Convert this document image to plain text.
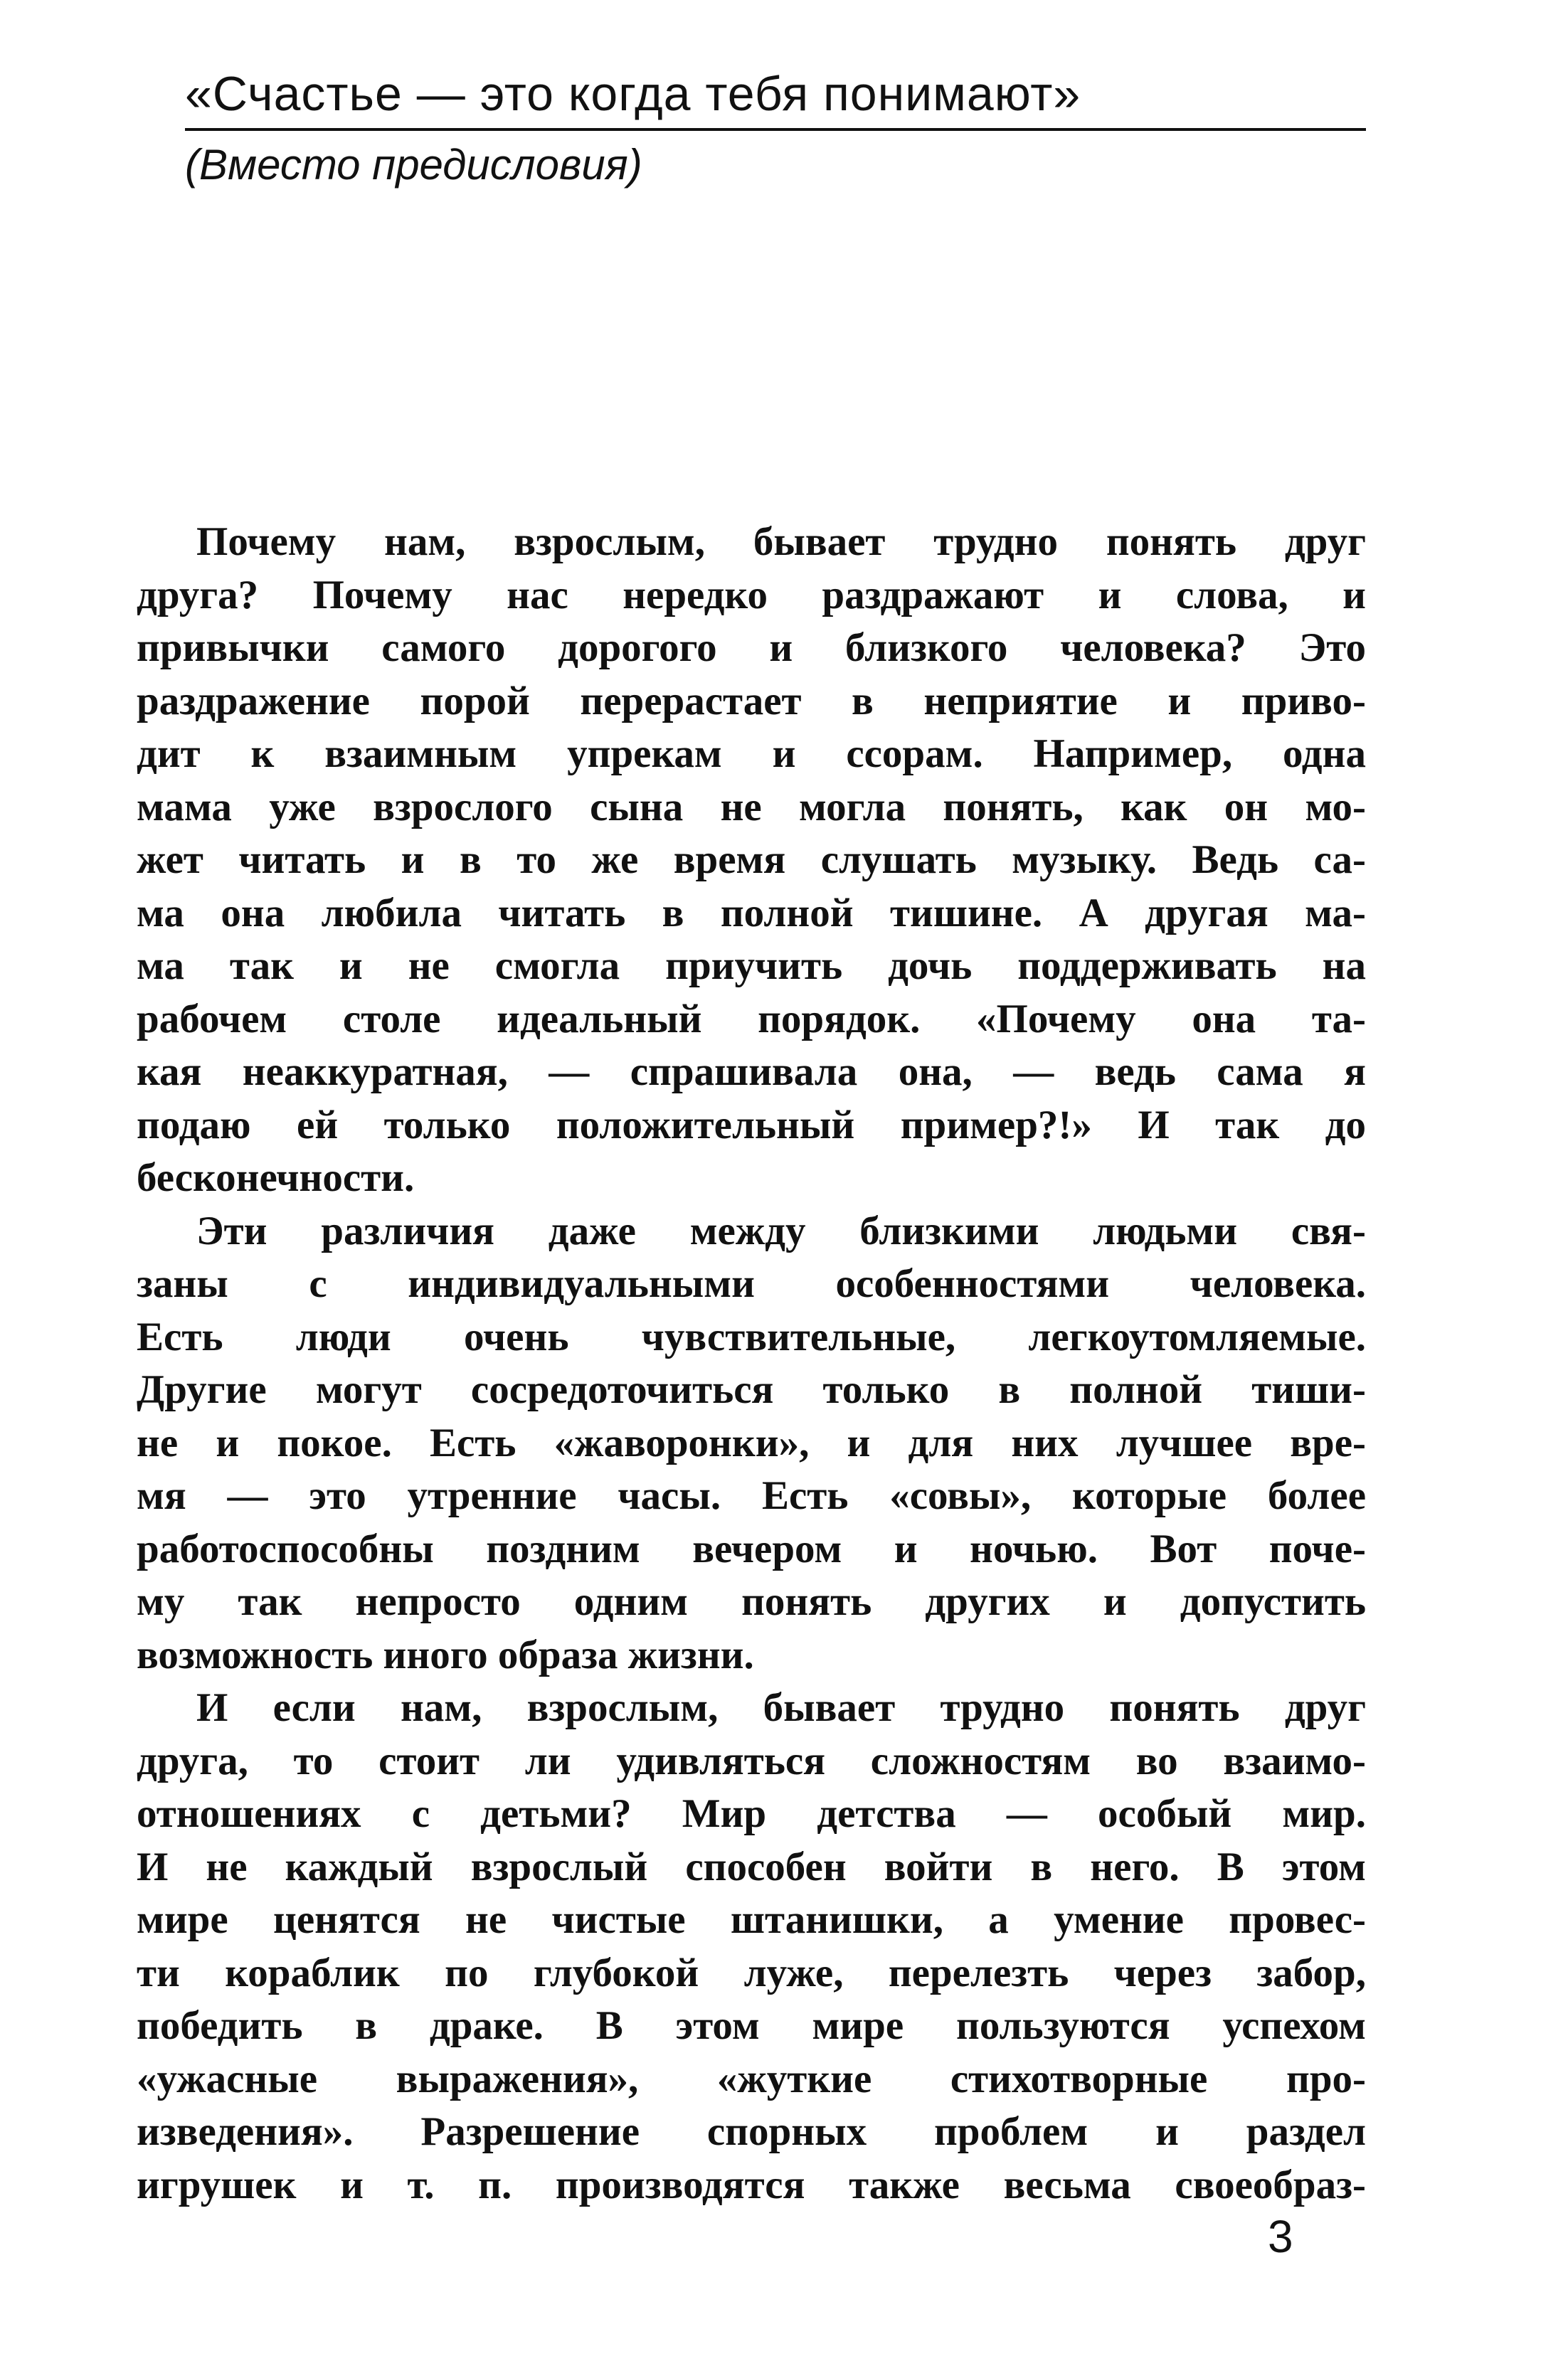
«Счастье — это когда тебя понимают»
(Вместо предисловия)

Почему нам, взрослым, бывает трудно понять друг
друга? Почему нас нередко раздражают и слова, и
привычки самого дорогого и близкого человека? Это
раздражение порой перерастает в неприятие и приво-
дит к взаимным упрекам и ссорам. Например, одна
мама уже взрослого сына не могла понять, как он мо-
жет читать и в то же время слушать музыку. Ведь са-
ма она любила читать в полной тишине. А другая ма-
ма так и не смогла приучить дочь поддерживать на
рабочем столе идеальный порядок. «Почему она та-
кая неаккуратная, — спрашивала она, — ведь сама я
подаю ей только положительный пример?!» И так до
бесконечности.

Эти различия даже между близкими людьми свя-
заны с индивидуальными особенностями человека.
Есть люди очень чувствительные, легкоутомляемые.
Другие могут сосредоточиться только в полной тиши-
не и покое. Есть «жаворонки», и для них лучшее вре-
мя — это утренние часы. Есть «совы», которые более
работоспособны поздним вечером и ночью. Вот поче-
му так непросто одним понять других и допустить
возможность иного образа жизни.

И если нам, взрослым, бывает трудно понять друг
друга, то стоит ли удивляться сложностям во взаимо-
отношениях с детьми? Мир детства — особый мир.
И не каждый взрослый способен войти в него. В этом
мире ценятся не чистые штанишки, а умение провес-
ти кораблик по глубокой луже, перелезть через забор,
победить в драке. В этом мире пользуются успехом
«ужасные выражения», «жуткие стихотворные про-
изведения». Разрешение спорных проблем и раздел
игрушек и т. п. производятся также весьма своеобраз-

3
